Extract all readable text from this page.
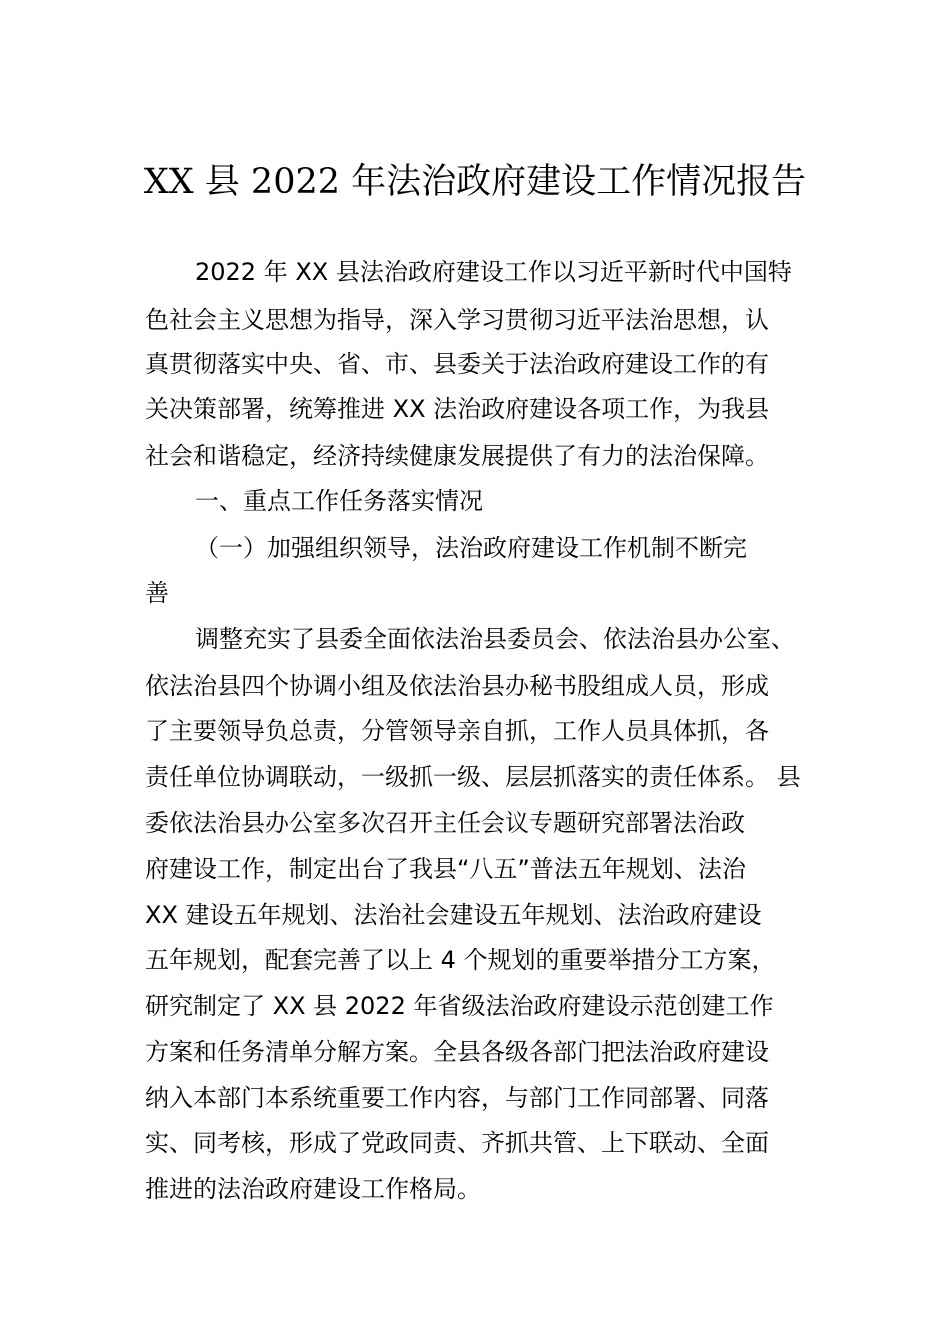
XX 县 2022 年法治政府建设工作情况报告
2022 年 XX 县法治政府建设工作以习近平新时代中国特
色社会主义思想为指导，深入学习贯彻习近平法治思想，认
真贯彻落实中央、省、市、县委关于法治政府建设工作的有
关决策部署，统筹推进 XX 法治政府建设各项工作，为我县
社会和谐稳定，经济持续健康发展提供了有力的法治保障。
一、重点工作任务落实情况
（一）加强组织领导，法治政府建设工作机制不断完
善
调整充实了县委全面依法治县委员会、依法治县办公室、
依法治县四个协调小组及依法治县办秘书股组成人员，形成
了主要领导负总责，分管领导亲自抓，工作人员具体抓，各
责任单位协调联动，一级抓一级、层层抓落实的责任体系。 县
委依法治县办公室多次召开主任会议专题研究部署法治政
府建设工作，制定出台了我县“八五”普法五年规划、法治
XX 建设五年规划、法治社会建设五年规划、法治政府建设
五年规划，配套完善了以上 4 个规划的重要举措分工方案，
研究制定了 XX 县 2022 年省级法治政府建设示范创建工作
方案和任务清单分解方案。全县各级各部门把法治政府建设
纳入本部门本系统重要工作内容，与部门工作同部署、同落
实、同考核，形成了党政同责、齐抓共管、上下联动、全面
推进的法治政府建设工作格局。
